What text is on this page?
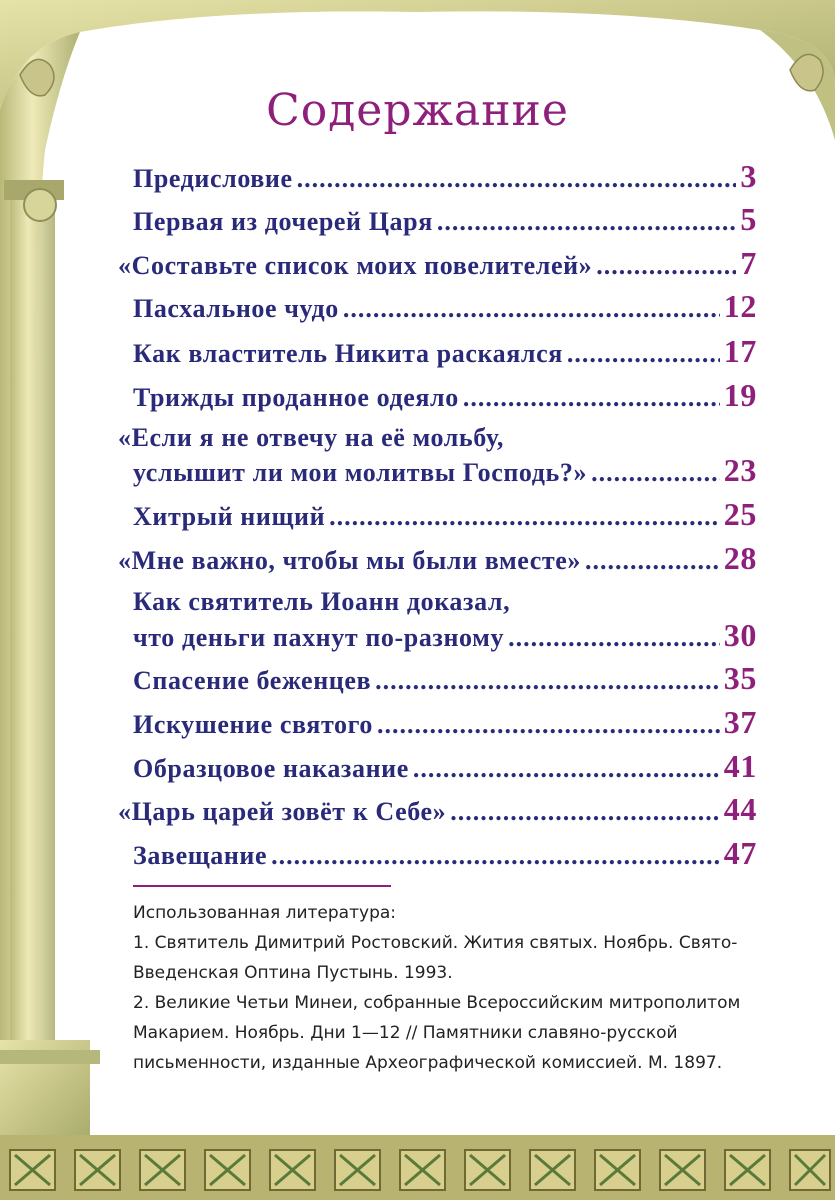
Содержание
Предисловие .....	3
Первая из дочерей Царя .....	5
«Составьте список моих повелителей» .....	7
Пасхальное чудо .....	12
Как властитель Никита раскаялся .....	17
Трижды проданное одеяло .....	19
«Если я не отвечу на её мольбу,
услышит ли мои молитвы Господь?» .....	23
Хитрый нищий .....	25
«Мне важно, чтобы мы были вместе» .....	28
Как святитель Иоанн доказал,
что деньги пахнут по-разному .....	30
Спасение беженцев .....	35
Искушение святого .....	37
Образцовое наказание .....	41
«Царь царей зовёт к Себе» .....	44
Завещание .....	47
Использованная литература:
1. Святитель Димитрий Ростовский. Жития святых. Ноябрь. Свято-Введенская Оптина Пустынь. 1993.
2. Великие Четьи Минеи, собранные Всероссийским митрополитом Макарием. Ноябрь. Дни 1—12 // Памятники славяно-русской письменности, изданные Археографической комиссией. М. 1897.
